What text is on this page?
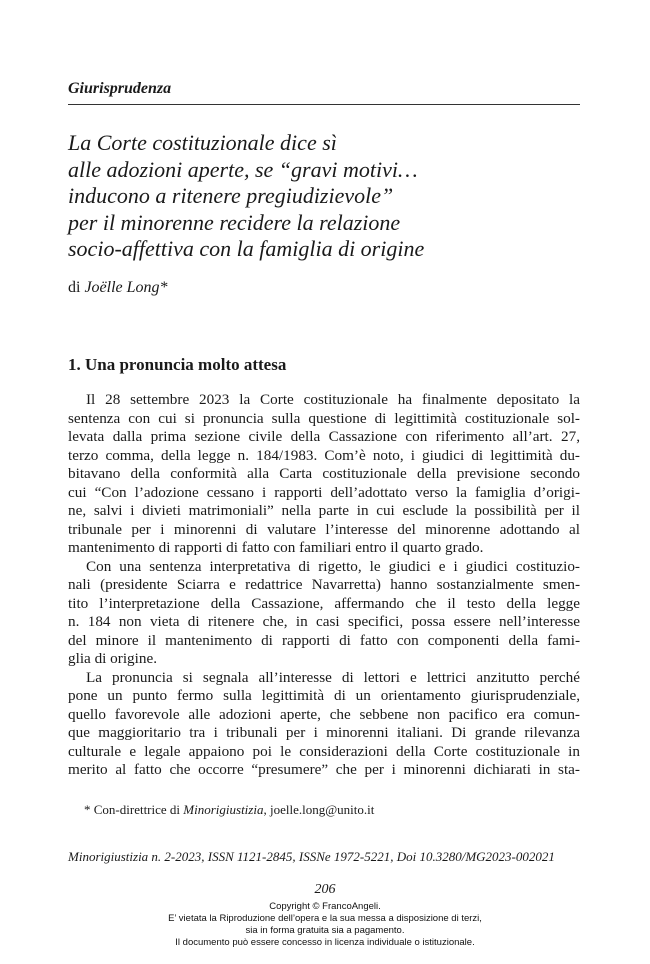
Giurisprudenza
La Corte costituzionale dice sì
alle adozioni aperte, se “gravi motivi…
inducono a ritenere pregiudizievole”
per il minorenne recidere la relazione
socio-affettiva con la famiglia di origine
di Joëlle Long*
1. Una pronuncia molto attesa

Il 28 settembre 2023 la Corte costituzionale ha finalmente depositato la
sentenza con cui si pronuncia sulla questione di legittimità costituzionale sol-
levata dalla prima sezione civile della Cassazione con riferimento all’art. 27,
terzo comma, della legge n. 184/1983. Com’è noto, i giudici di legittimità du-
bitavano della conformità alla Carta costituzionale della previsione secondo
cui “Con l’adozione cessano i rapporti dell’adottato verso la famiglia d’origi-
ne, salvi i divieti matrimoniali” nella parte in cui esclude la possibilità per il
tribunale per i minorenni di valutare l’interesse del minorenne adottando al
mantenimento di rapporti di fatto con familiari entro il quarto grado.

Con una sentenza interpretativa di rigetto, le giudici e i giudici costituzio-
nali (presidente Sciarra e redattrice Navarretta) hanno sostanzialmente smen-
tito l’interpretazione della Cassazione, affermando che il testo della legge
n. 184 non vieta di ritenere che, in casi specifici, possa essere nell’interesse
del minore il mantenimento di rapporti di fatto con componenti della fami-
glia di origine.

La pronuncia si segnala all’interesse di lettori e lettrici anzitutto perché
pone un punto fermo sulla legittimità di un orientamento giurisprudenziale,
quello favorevole alle adozioni aperte, che sebbene non pacifico era comun-
que maggioritario tra i tribunali per i minorenni italiani. Di grande rilevanza
culturale e legale appaiono poi le considerazioni della Corte costituzionale in
merito al fatto che occorre “presumere” che per i minorenni dichiarati in sta-

* Con-direttrice di Minorigiustizia, joelle.long@unito.it
Minorigiustizia n. 2-2023, ISSN 1121-2845, ISSNe 1972-5221, Doi 10.3280/MG2023-002021
206
Copyright © FrancoAngeli.
E’ vietata la Riproduzione dell’opera e la sua messa a disposizione di terzi,
sia in forma gratuita sia a pagamento.
Il documento può essere concesso in licenza individuale o istituzionale.
